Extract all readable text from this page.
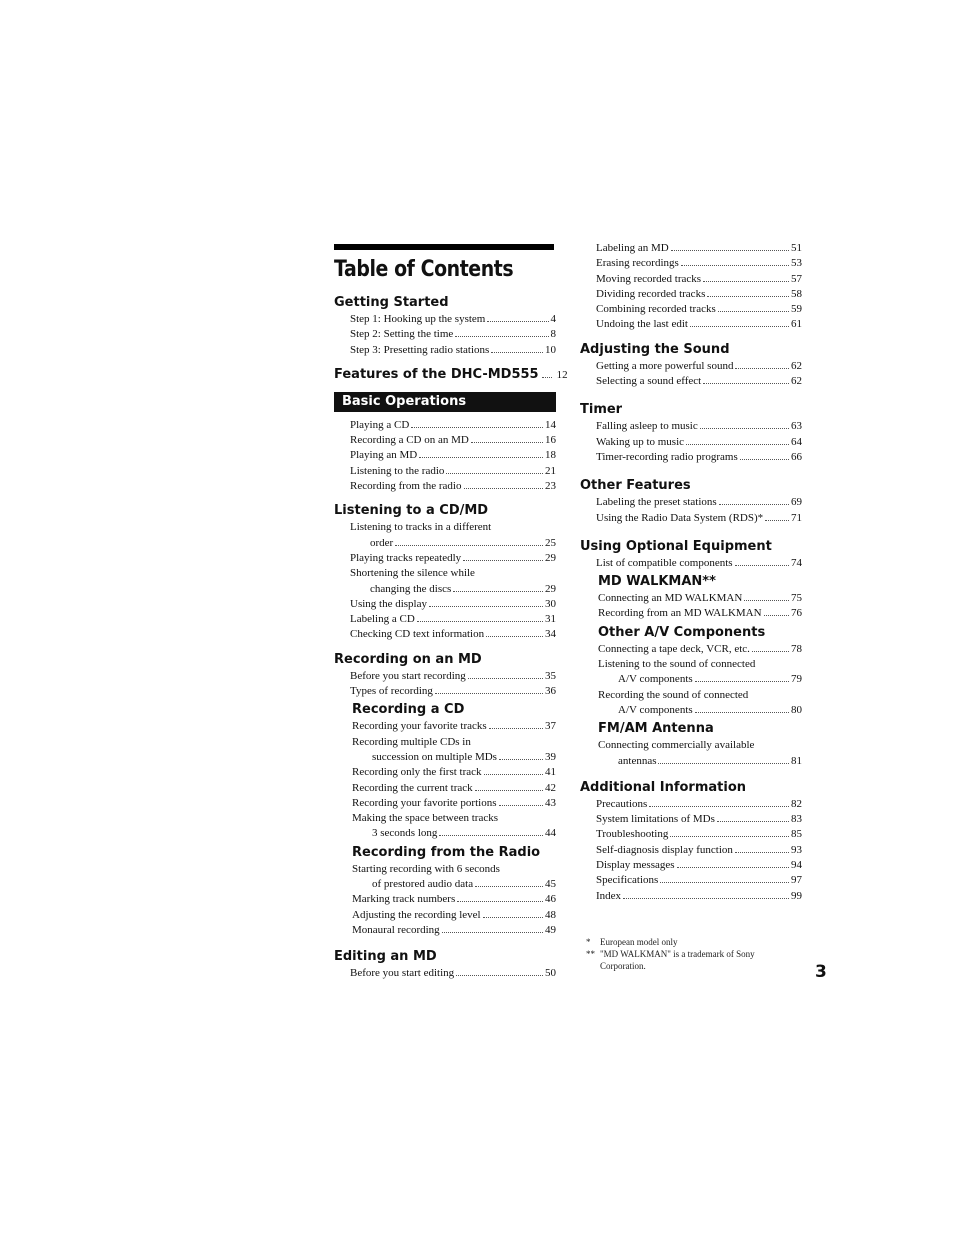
Table of Contents
Getting Started
Step 1: Hooking up the system	4
Step 2: Setting the time	8
Step 3: Presetting radio stations	10
Features of the DHC-MD555 12
Basic Operations
Playing a CD	14
Recording a CD on an MD	16
Playing an MD	18
Listening to the radio	21
Recording from the radio	23
Listening to a CD/MD
Listening to tracks in a different
order	25
Playing tracks repeatedly	29
Shortening the silence while
changing the discs	29
Using the display	30
Labeling a CD	31
Checking CD text information	34
Recording on an MD
Before you start recording	35
Types of recording	36
Recording a CD
Recording your favorite tracks	37
Recording multiple CDs in
succession on multiple MDs	39
Recording only the first track	41
Recording the current track	42
Recording your favorite portions	43
Making the space between tracks
3 seconds long	44
Recording from the Radio
Starting recording with 6 seconds
of prestored audio data	45
Marking track numbers	46
Adjusting the recording level	48
Monaural recording	49
Editing an MD
Before you start editing	50
Labeling an MD	51
Erasing recordings	53
Moving recorded tracks	57
Dividing recorded tracks	58
Combining recorded tracks	59
Undoing the last edit	61
Adjusting the Sound
Getting a more powerful sound	62
Selecting a sound effect	62
Timer
Falling asleep to music	63
Waking up to music	64
Timer-recording radio programs	66
Other Features
Labeling the preset stations	69
Using the Radio Data System (RDS)*	71
Using Optional Equipment
List of compatible components	74
MD WALKMAN**
Connecting an MD WALKMAN	75
Recording from an MD WALKMAN	76
Other A/V Components
Connecting a tape deck, VCR, etc.	78
Listening to the sound of connected
A/V components	79
Recording the sound of connected
A/V components	80
FM/AM Antenna
Connecting commercially available
antennas	81
Additional Information
Precautions	82
System limitations of MDs	83
Troubleshooting	85
Self-diagnosis display function	93
Display messages	94
Specifications	97
Index	99
*	European model only
** "MD WALKMAN" is a trademark of Sony Corporation.	3
